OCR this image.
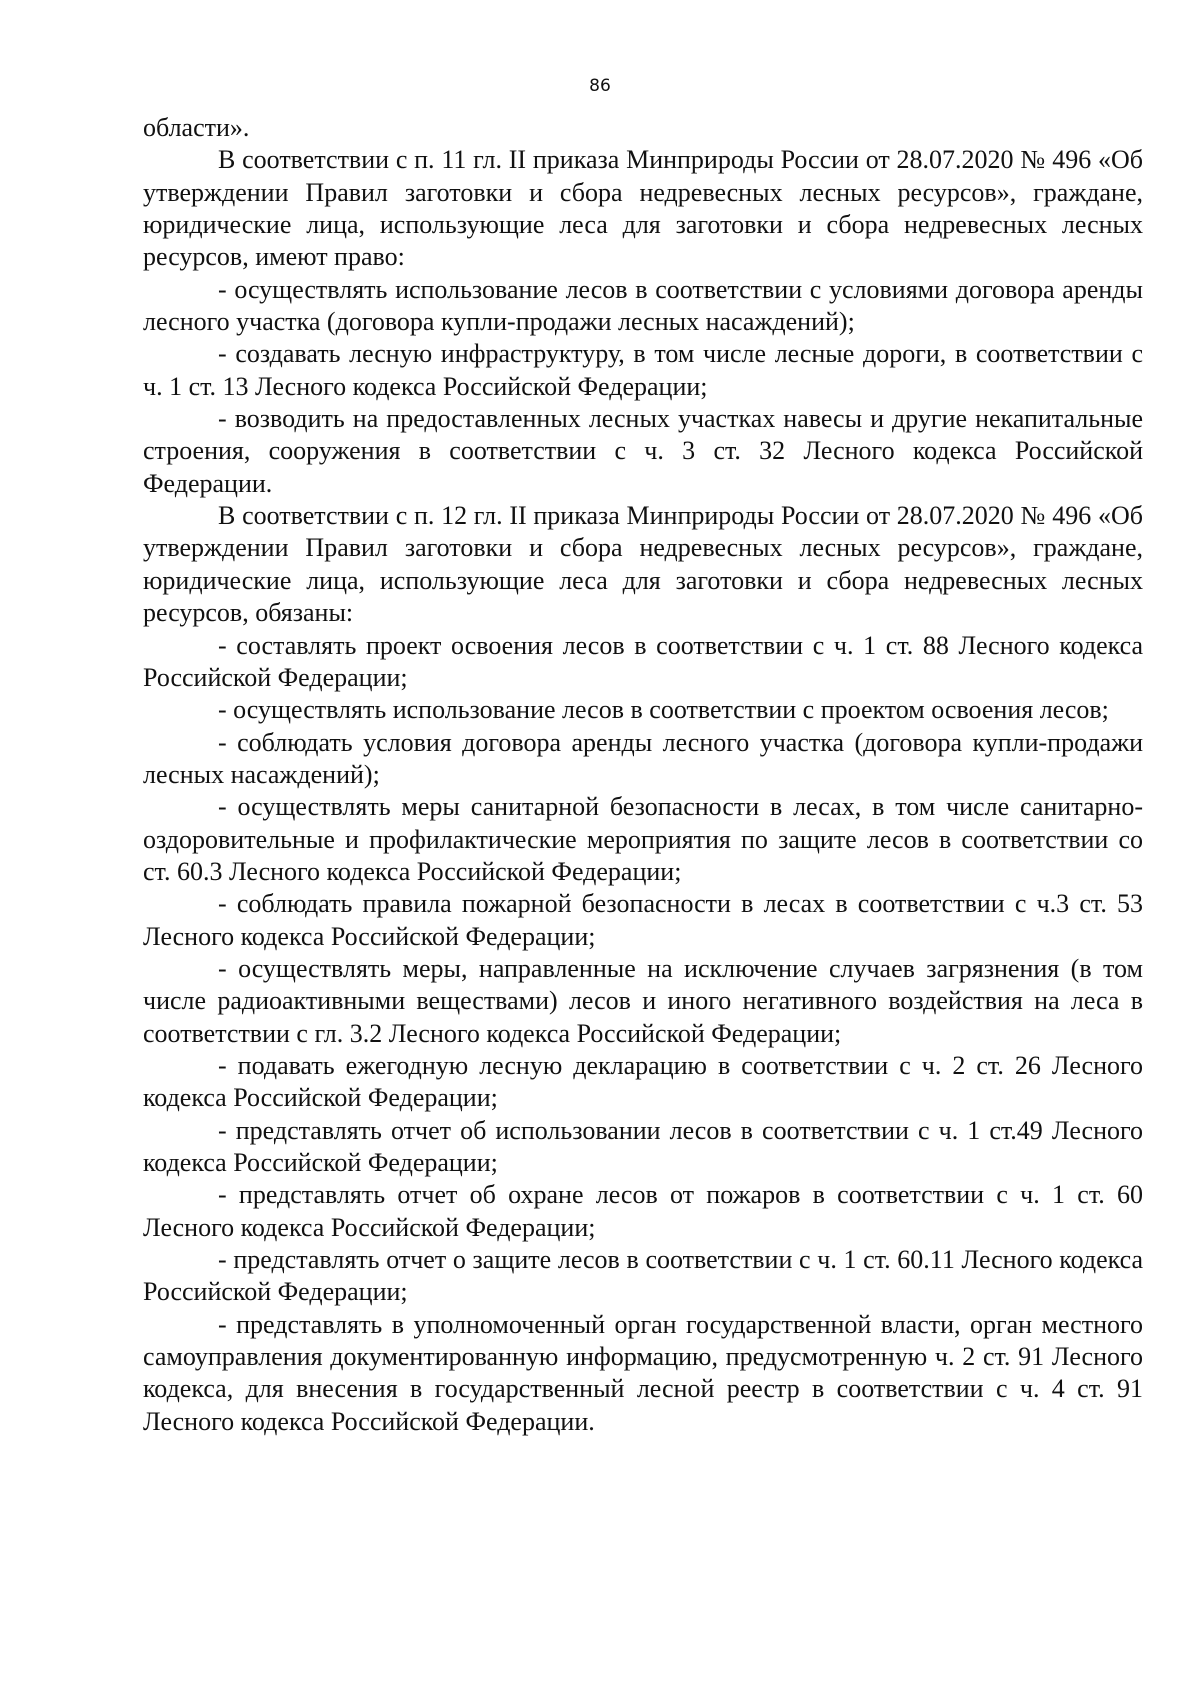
86

области».

В соответствии с п. 11 гл. II приказа Минприроды России от 28.07.2020 № 496 «Об утверждении Правил заготовки и сбора недревесных лесных ресурсов», граждане, юридические лица, использующие леса для заготовки и сбора недревесных лесных ресурсов, имеют право:

- осуществлять использование лесов в соответствии с условиями договора аренды лесного участка (договора купли-продажи лесных насаждений);

- создавать лесную инфраструктуру, в том числе лесные дороги, в соответствии с ч. 1 ст. 13 Лесного кодекса Российской Федерации;

- возводить на предоставленных лесных участках навесы и другие некапитальные строения, сооружения в соответствии с ч. 3 ст. 32 Лесного кодекса Российской Федерации.

В соответствии с п. 12 гл. II приказа Минприроды России от 28.07.2020 № 496 «Об утверждении Правил заготовки и сбора недревесных лесных ресурсов», граждане, юридические лица, использующие леса для заготовки и сбора недревесных лесных ресурсов, обязаны:

- составлять проект освоения лесов в соответствии с ч. 1 ст. 88 Лесного кодекса Российской Федерации;

- осуществлять использование лесов в соответствии с проектом освоения лесов;

- соблюдать условия договора аренды лесного участка (договора купли-продажи лесных насаждений);

- осуществлять меры санитарной безопасности в лесах, в том числе санитарно-оздоровительные и профилактические мероприятия по защите лесов в соответствии со ст. 60.3 Лесного кодекса Российской Федерации;

- соблюдать правила пожарной безопасности в лесах в соответствии с ч.3 ст. 53 Лесного кодекса Российской Федерации;

- осуществлять меры, направленные на исключение случаев загрязнения (в том числе радиоактивными веществами) лесов и иного негативного воздействия на леса в соответствии с гл. 3.2 Лесного кодекса Российской Федерации;

- подавать ежегодную лесную декларацию в соответствии с ч. 2 ст. 26 Лесного кодекса Российской Федерации;

- представлять отчет об использовании лесов в соответствии с ч. 1 ст.49 Лесного кодекса Российской Федерации;

- представлять отчет об охране лесов от пожаров в соответствии с ч. 1 ст. 60 Лесного кодекса Российской Федерации;

- представлять отчет о защите лесов в соответствии с ч. 1 ст. 60.11 Лесного кодекса Российской Федерации;

- представлять в уполномоченный орган государственной власти, орган местного самоуправления документированную информацию, предусмотренную ч. 2 ст. 91 Лесного кодекса, для внесения в государственный лесной реестр в соответствии с ч. 4 ст. 91 Лесного кодекса Российской Федерации.
